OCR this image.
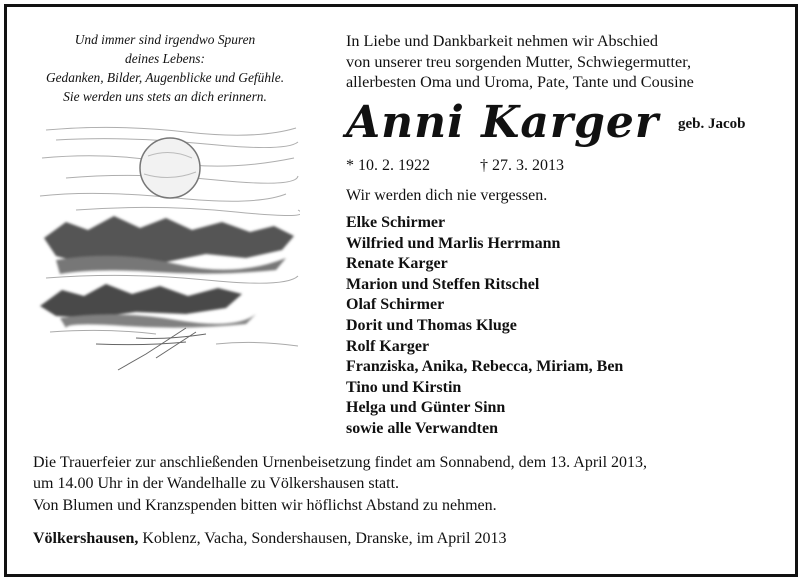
Und immer sind irgendwo Spuren
deines Lebens:
Gedanken, Bilder, Augenblicke und Gefühle.
Sie werden uns stets an dich erinnern.
In Liebe und Dankbarkeit nehmen wir Abschied
von unserer treu sorgenden Mutter, Schwiegermutter,
allerbesten Oma und Uroma, Pate, Tante und Cousine
Anni Karger geb. Jacob
* 10. 2. 1922	† 27. 3. 2013
Wir werden dich nie vergessen.
Elke Schirmer
Wilfried und Marlis Herrmann
Renate Karger
Marion und Steffen Ritschel
Olaf Schirmer
Dorit und Thomas Kluge
Rolf Karger
Franziska, Anika, Rebecca, Miriam, Ben
Tino und Kirstin
Helga und Günter Sinn
sowie alle Verwandten
Die Trauerfeier zur anschließenden Urnenbeisetzung findet am Sonnabend, dem 13. April 2013,
um 14.00 Uhr in der Wandelhalle zu Völkershausen statt.
Von Blumen und Kranzspenden bitten wir höflichst Abstand zu nehmen.
Völkershausen, Koblenz, Vacha, Sondershausen, Dranske, im April 2013
